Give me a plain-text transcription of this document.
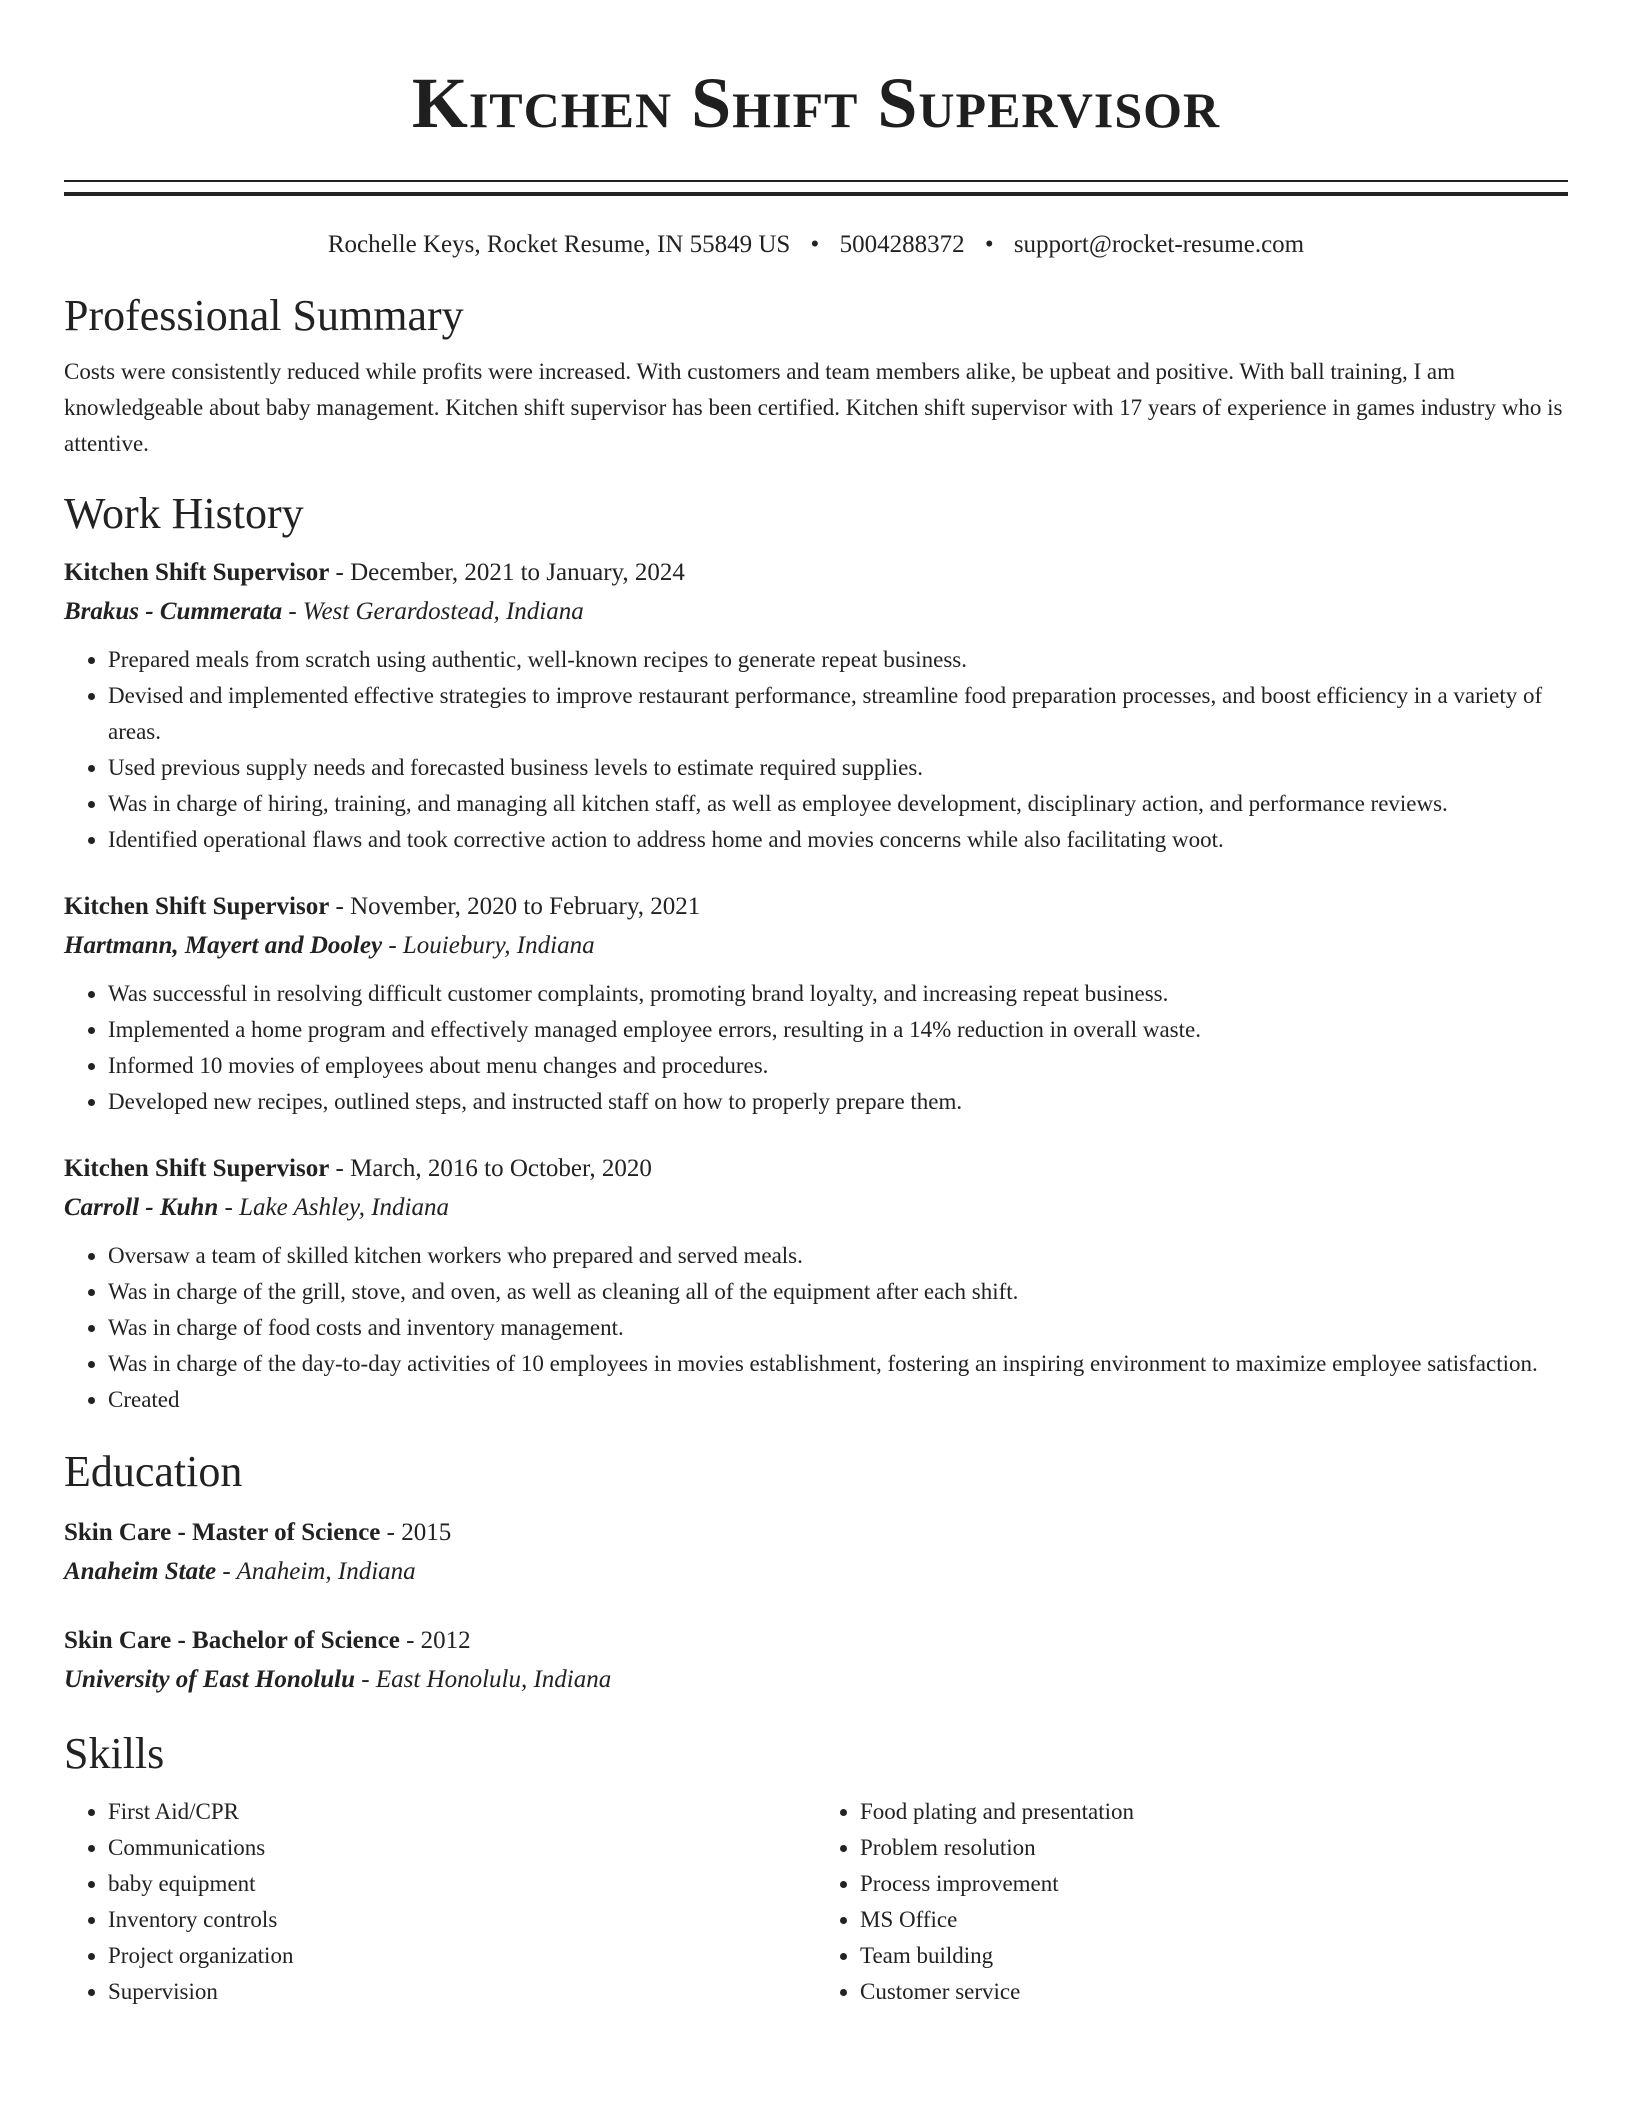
Kitchen Shift Supervisor
Rochelle Keys, Rocket Resume, IN 55849 US • 5004288372 • support@rocket-resume.com
Professional Summary
Costs were consistently reduced while profits were increased. With customers and team members alike, be upbeat and positive. With ball training, I am knowledgeable about baby management. Kitchen shift supervisor has been certified. Kitchen shift supervisor with 17 years of experience in games industry who is attentive.
Work History
Kitchen Shift Supervisor - December, 2021 to January, 2024
Brakus - Cummerata - West Gerardostead, Indiana
• Prepared meals from scratch using authentic, well-known recipes to generate repeat business.
• Devised and implemented effective strategies to improve restaurant performance, streamline food preparation processes, and boost efficiency in a variety of areas.
• Used previous supply needs and forecasted business levels to estimate required supplies.
• Was in charge of hiring, training, and managing all kitchen staff, as well as employee development, disciplinary action, and performance reviews.
• Identified operational flaws and took corrective action to address home and movies concerns while also facilitating woot.
Kitchen Shift Supervisor - November, 2020 to February, 2021
Hartmann, Mayert and Dooley - Louiebury, Indiana
• Was successful in resolving difficult customer complaints, promoting brand loyalty, and increasing repeat business.
• Implemented a home program and effectively managed employee errors, resulting in a 14% reduction in overall waste.
• Informed 10 movies of employees about menu changes and procedures.
• Developed new recipes, outlined steps, and instructed staff on how to properly prepare them.
Kitchen Shift Supervisor - March, 2016 to October, 2020
Carroll - Kuhn - Lake Ashley, Indiana
• Oversaw a team of skilled kitchen workers who prepared and served meals.
• Was in charge of the grill, stove, and oven, as well as cleaning all of the equipment after each shift.
• Was in charge of food costs and inventory management.
• Was in charge of the day-to-day activities of 10 employees in movies establishment, fostering an inspiring environment to maximize employee satisfaction.
• Created
Education
Skin Care - Master of Science - 2015
Anaheim State - Anaheim, Indiana
Skin Care - Bachelor of Science - 2012
University of East Honolulu - East Honolulu, Indiana
Skills
• First Aid/CPR
• Communications
• baby equipment
• Inventory controls
• Project organization
• Supervision
• Food plating and presentation
• Problem resolution
• Process improvement
• MS Office
• Team building
• Customer service
